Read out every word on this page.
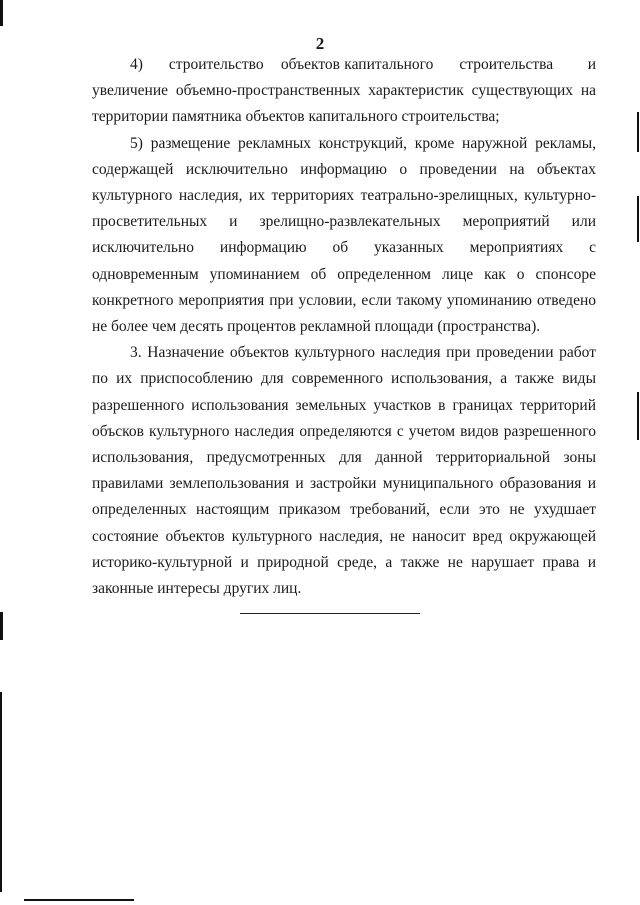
2

4)      строительство    объектов капитального      строительства        и

увеличение объемно-пространственных характеристик существующих на территории памятника объектов капитального строительства;

5) размещение рекламных конструкций, кроме наружной рекламы, содержащей исключительно информацию о проведении на объектах культурного наследия, их территориях театрально-зрелищных, культурно-просветительных и зрелищно-развлекательных мероприятий или исключительно информацию об указанных мероприятиях с одновременным упоминанием об определенном лице как о спонсоре конкретного мероприятия при условии, если такому упоминанию отведено не более чем десять процентов рекламной площади (пространства).

3. Назначение объектов культурного наследия при проведении работ по их приспособлению для современного использования, а также виды разрешенного использования земельных участков в границах территорий объсков культурного наследия определяются с учетом видов разрешенного использования, предусмотренных для данной территориальной зоны правилами землепользования и застройки муниципального образования и определенных настоящим приказом требований, если это не ухудшает состояние объектов культурного наследия, не наносит вред окружающей историко-культурной и природной среде, а также не нарушает права и законные интересы других лиц.
